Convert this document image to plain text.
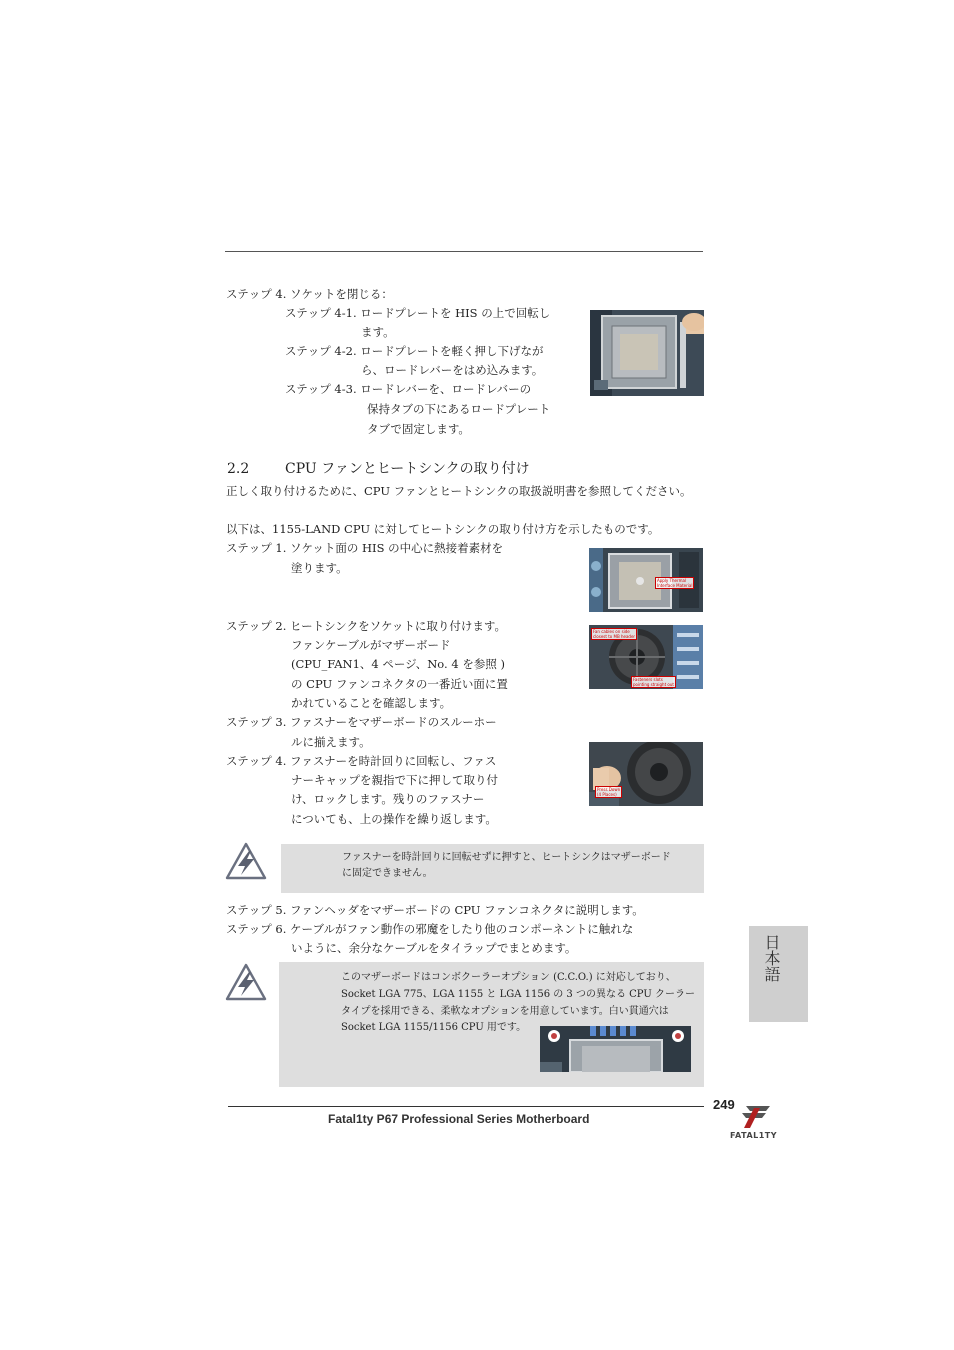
ステップ 4. ソケットを閉じる：
ステップ 4-1. ロードプレートを HIS の上で回転し
ます。
ステップ 4-2. ロードプレートを軽く押し下げなが
ら、ロードレバーをはめ込みます。
ステップ 4-3. ロードレバーを、ロードレバーの
保持タブの下にあるロードプレート
タブで固定します。
2.2	CPU ファンとヒートシンクの取り付け
正しく取り付けるために、CPU ファンとヒートシンクの取扱説明書を参照してください。
以下は、1155-LAND CPU に対してヒートシンクの取り付け方を示したものです。
ステップ 1. ソケット面の HIS の中心に熱接着素材を
塗ります。
Apply Thermal
Interface Material
ステップ 2. ヒートシンクをソケットに取り付けます。
ファンケーブルがマザーボード
(CPU_FAN1、4 ページ、No. 4 を参照 )
の CPU ファンコネクタの一番近い面に置
かれていることを確認します。
Fan cables on side
closest to MB header
Fasteners slots
pointing straight out
ステップ 3. ファスナーをマザーボードのスルーホー
ルに揃えます。
ステップ 4. ファスナーを時計回りに回転し、ファス
ナーキャップを親指で下に押して取り付
け、ロックします。残りのファスナー
についても、上の操作を繰り返します。
Press Down
(4 Places)
ファスナーを時計回りに回転せずに押すと、ヒートシンクはマザーボード
に固定できません。
ステップ 5. ファンヘッダをマザーボードの CPU ファンコネクタに説明します。
ステップ 6. ケーブルがファン動作の邪魔をしたり他のコンポーネントに触れな
いように、余分なケーブルをタイラップでまとめます。	日本語
このマザーボードはコンボクーラーオプション (C.C.O.) に対応しており、
Socket LGA 775、LGA 1155 と LGA 1156 の 3 つの異なる CPU クーラー
タイプを採用できる、柔軟なオプションを用意しています。白い貫通穴は
Socket LGA 1155/1156 CPU 用です。
249
Fatal1ty P67 Professional Series Motherboard
FATAL1TY
